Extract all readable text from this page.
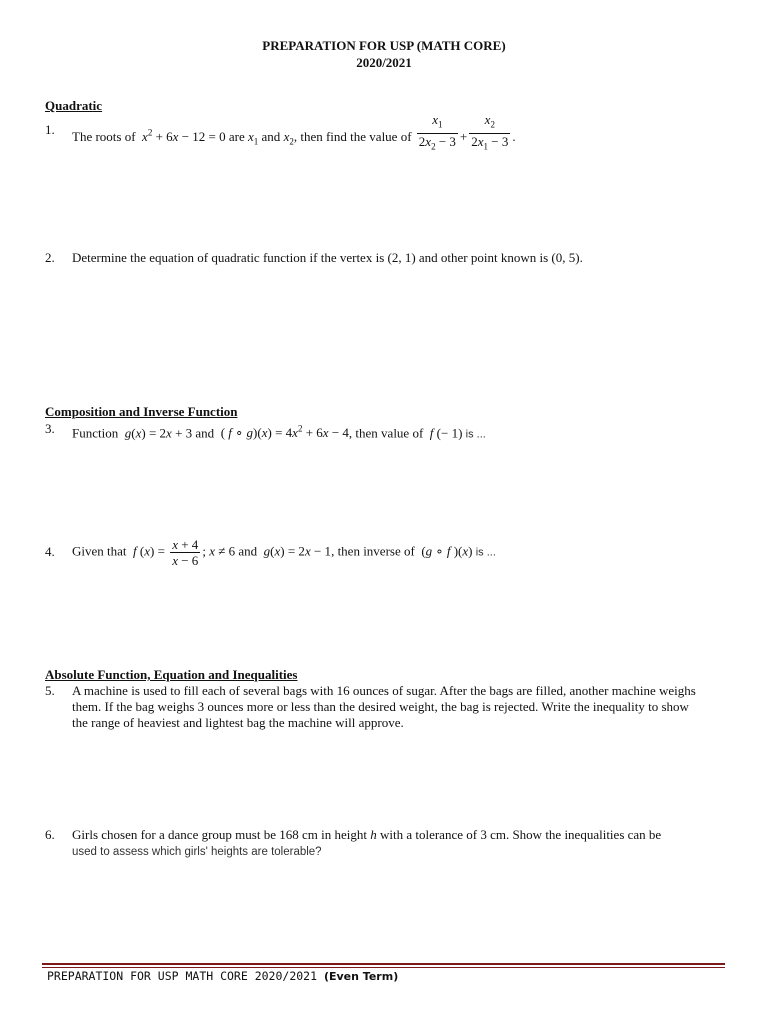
PREPARATION FOR USP (MATH CORE)
2020/2021
Quadratic
1. The roots of $x^2 + 6x - 12 = 0$ are $x_1$ and $x_2$, then find the value of $\frac{x_1}{2x_2 - 3} + \frac{x_2}{2x_1 - 3}$ .
2. Determine the equation of quadratic function if the vertex is (2, 1) and other point known is (0, 5).
Composition and Inverse Function
3. Function g(x) = 2x + 3 and  ( f ∘ $g)(x) = 4x^2 + 6x - 4$, then value of f (− 1) is ...
4. Given that f $(x) = \frac{x + 4}{x - 6}$ ; x ≠ 6 and g(x) = 2x − 1, then inverse of  (g ∘ f )(x) is ...
Absolute Function, Equation and Inequalities
5. A machine is used to fill each of several bags with 16 ounces of sugar. After the bags are filled, another machine weighs them. If the bag weighs 3 ounces more or less than the desired weight, the bag is rejected. Write the inequality to show the range of heaviest and lightest bag the machine will approve.
6. Girls chosen for a dance group must be 168 cm in height h with a tolerance of 3 cm. Show the inequalities can be
used to assess which girls' heights are tolerable?
PREPARATION FOR USP MATH CORE 2020/2021 (Even Term)
